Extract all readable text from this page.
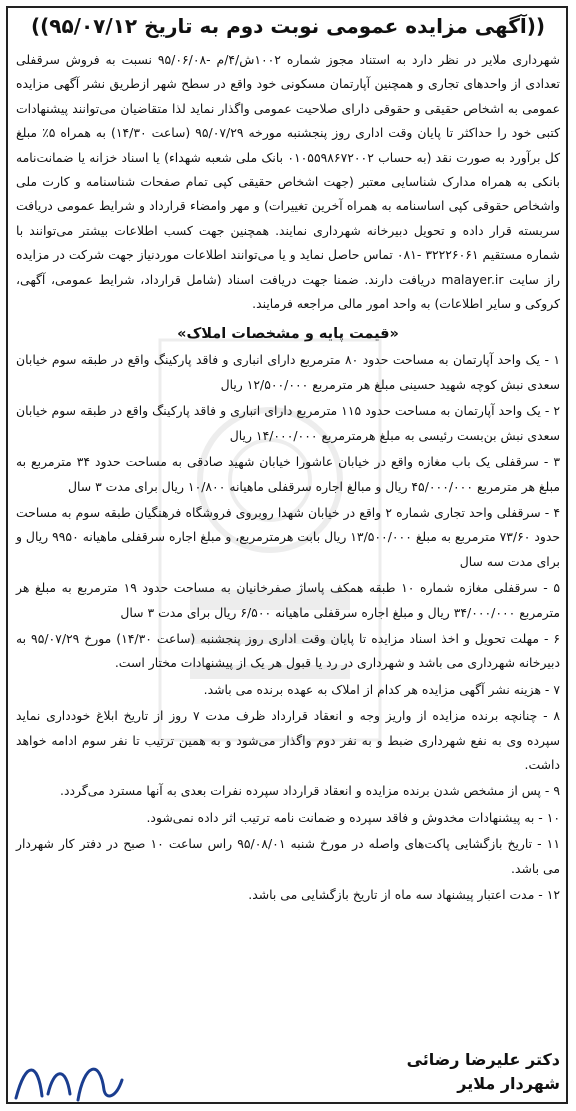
((آگهی مزایده عمومی نوبت دوم به تاریخ ۹۵/۰۷/۱۲))

شهرداری ملایر در نظر دارد به استناد مجوز شماره ۱۰۰۲ش/۴/م -۹۵/۰۶/۰۸ نسبت به فروش سرقفلی تعدادی از واحدهای تجاری و همچنین آپارتمان مسکونی خود واقع در سطح شهر ازطریق نشر آگهی مزایده عمومی به اشخاص حقیقی و حقوقی دارای صلاحیت عمومی واگذار نماید لذا متقاضیان می‌توانند پیشنهادات کتبی خود را حداکثر تا پایان وقت اداری روز پنجشنبه مورخه ۹۵/۰۷/۲۹ (ساعت ۱۴/۳۰) به همراه ۵٪ مبلغ کل برآورد به صورت نقد (به حساب ۰۱۰۵۵۹۸۶۷۲۰۰۲ بانک ملی شعبه شهداء) یا اسناد خزانه یا ضمانت‌نامه بانکی به همراه مدارک شناسایی معتبر (جهت اشخاص حقیقی کپی تمام صفحات شناسنامه و کارت ملی واشخاص حقوقی کپی اساسنامه به همراه آخرین تغییرات) و مهر وامضاء قرارداد و شرایط عمومی دریافت سربسته قرار داده و تحویل دبیرخانه شهرداری نمایند. همچنین جهت کسب اطلاعات بیشتر می‌توانند با شماره مستقیم ۳۲۲۲۶۰۶۱ -۰۸۱ تماس حاصل نماید و یا می‌توانند اطلاعات موردنیاز جهت شرکت در مزایده راز سایت malayer.ir دریافت دارند. ضمنا جهت دریافت اسناد (شامل قرارداد، شرایط عمومی، آگهی، کروکی و سایر اطلاعات) به واحد امور مالی مراجعه فرمایند.

«قیمت پایه و مشخصات املاک»
۱ - یک واحد آپارتمان به مساحت حدود ۸۰ مترمربع دارای انباری و فاقد پارکینگ واقع در طبقه سوم خیابان سعدی نبش کوچه شهید حسینی مبلغ هر مترمربع ۱۲/۵۰۰/۰۰۰ ریال
۲ - یک واحد آپارتمان به مساحت حدود ۱۱۵ مترمربع دارای انباری و فاقد پارکینگ واقع در طبقه سوم خیابان سعدی نبش بن‌بست رئیسی به مبلغ هرمترمربع ۱۴/۰۰۰/۰۰۰ ریال
۳ - سرقفلی یک باب مغازه واقع در خیابان عاشورا خیابان شهید صادقی به مساحت حدود ۳۴ مترمربع به مبلغ هر مترمربع ۴۵/۰۰۰/۰۰۰ ریال و مبالغ اجاره سرقفلی ماهیانه ۱۰/۸۰۰ ریال برای مدت ۳ سال
۴ - سرقفلی واحد تجاری شماره ۲ واقع در خیابان شهدا روبروی فروشگاه فرهنگیان طبقه سوم به مساحت حدود ۷۳/۶۰ مترمربع به مبلغ ۱۳/۵۰۰/۰۰۰ ریال بابت هرمترمربع، و مبلغ اجاره سرقفلی ماهیانه ۹۹۵۰ ریال و برای مدت سه سال
۵ - سرقفلی مغازه شماره ۱۰ طبقه همکف پاساژ صفرخانیان به مساحت حدود ۱۹ مترمربع به مبلغ هر مترمربع ۳۴/۰۰۰/۰۰۰ ریال و مبلغ اجاره سرقفلی ماهیانه ۶/۵۰۰ ریال برای مدت ۳ سال
۶ - مهلت تحویل و اخذ اسناد مزایده تا پایان وقت اداری روز پنجشنبه (ساعت ۱۴/۳۰) مورخ ۹۵/۰۷/۲۹ به دبیرخانه شهرداری می باشد و شهرداری در رد یا قبول هر یک از پیشنهادات مختار است.
۷ - هزینه نشر آگهی مزایده هر کدام از املاک به عهده برنده می باشد.
۸ - چنانچه برنده مزایده از واریز وجه و انعقاد قرارداد ظرف مدت ۷ روز از تاریخ ابلاغ خودداری نماید سپرده وی به نفع شهرداری ضبط و به نفر دوم واگذار می‌شود و به همین ترتیب تا نفر سوم ادامه خواهد داشت.
۹ - پس از مشخص شدن برنده مزایده و انعقاد قرارداد سپرده نفرات بعدی به آنها مسترد می‌گردد.
۱۰ - به پیشنهادات مخدوش و فاقد سپرده و ضمانت نامه ترتیب اثر داده نمی‌شود.
۱۱ - تاریخ بازگشایی پاکت‌های واصله در مورخ شنبه ۹۵/۰۸/۰۱ راس ساعت ۱۰ صبح در دفتر کار شهردار می باشد.
۱۲ - مدت اعتبار پیشنهاد سه ماه از تاریخ بازگشایی می باشد.
دکتر علیرضا رضائی
شهردار ملایر
